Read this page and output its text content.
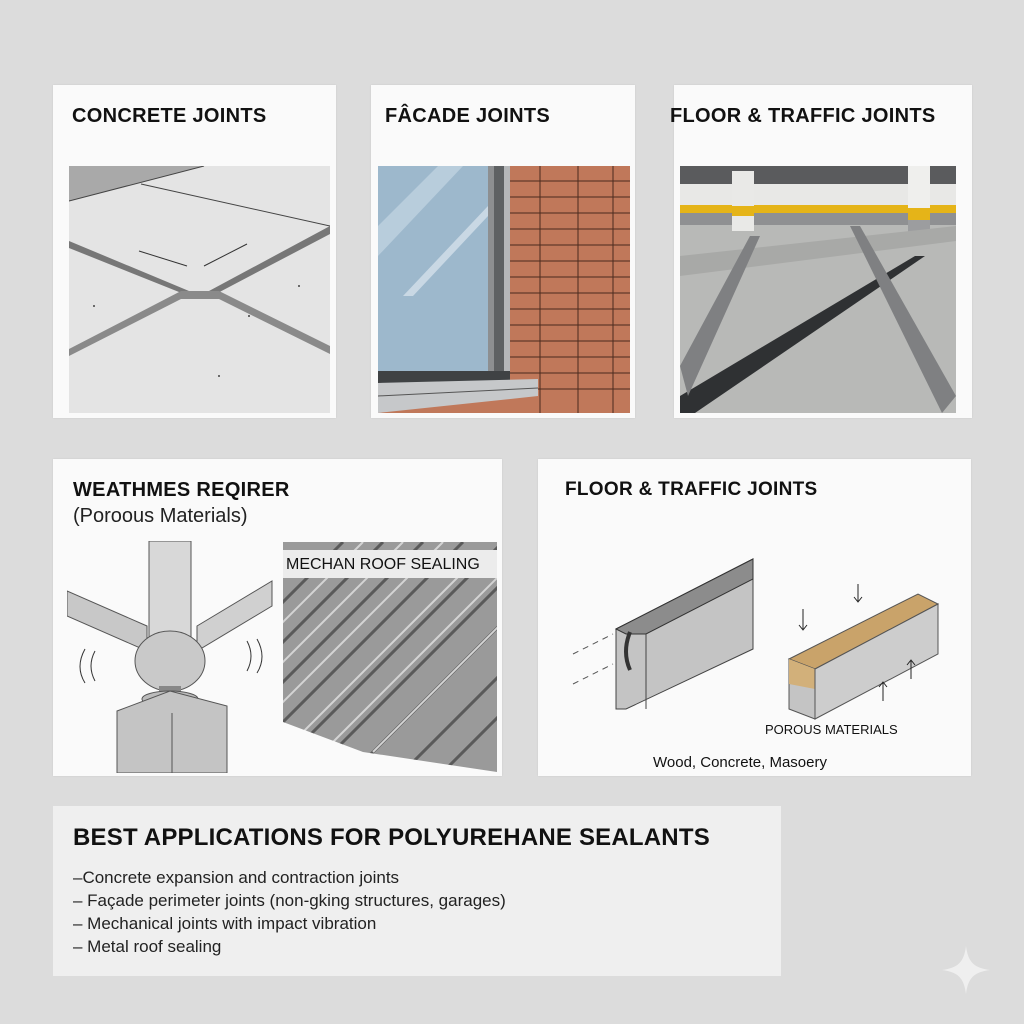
CONCRETE JOINTS	FÂCADE JOINTS	FLOOR & TRAFFIC JOINTS
WEATHMES REQIRER
(Poroous Materials)
MECHAN ROOF SEALING
FLOOR & TRAFFIC JOINTS
POROUS MATERIALS
Wood, Concrete, Masoery
BEST APPLICATIONS FOR POLYUREHANE SEALANTS
–Concrete expansion and contraction joints
– Façade perimeter joints (non-gking structures, garages)
– Mechanical joints with impact vibration
– Metal roof sealing
